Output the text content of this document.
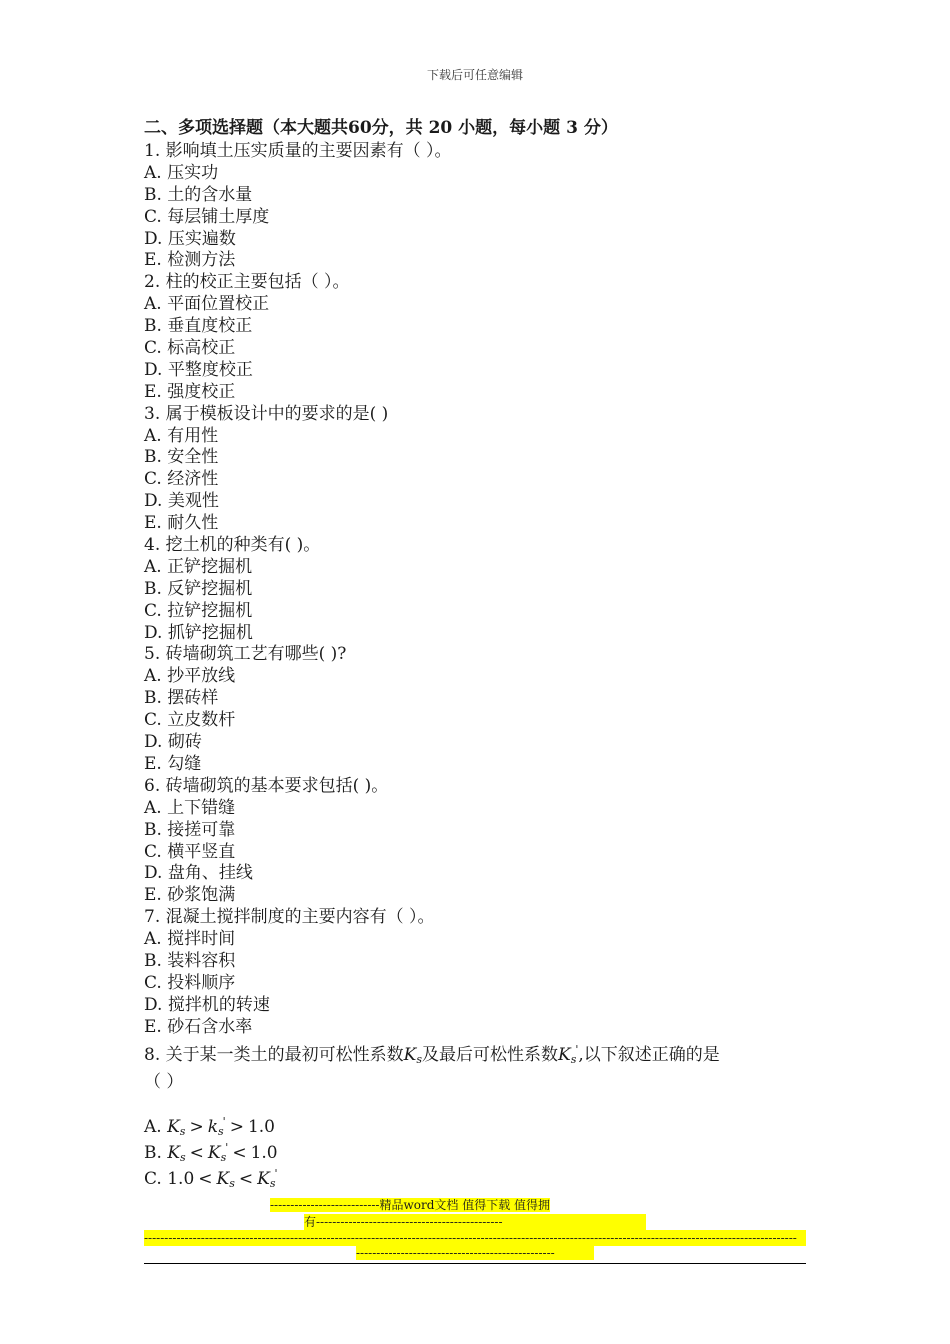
下载后可任意编辑
二、多项选择题（本大题共60分，共 20 小题，每小题 3 分）
1. 影响填土压实质量的主要因素有（ ）。
A. 压实功
B. 土的含水量
C. 每层铺土厚度
D. 压实遍数
E. 检测方法
2. 柱的校正主要包括（ ）。
A. 平面位置校正
B. 垂直度校正
C. 标高校正
D. 平整度校正
E. 强度校正
3. 属于模板设计中的要求的是( )
A. 有用性
B. 安全性
C. 经济性
D. 美观性
E. 耐久性
4. 挖土机的种类有( )。
A. 正铲挖掘机
B. 反铲挖掘机
C. 拉铲挖掘机
D. 抓铲挖掘机
5. 砖墙砌筑工艺有哪些( )?
A. 抄平放线
B. 摆砖样
C. 立皮数杆
D. 砌砖
E. 勾缝
6. 砖墙砌筑的基本要求包括( )。
A. 上下错缝
B. 接搓可靠
C. 横平竖直
D. 盘角、挂线
E. 砂浆饱满
7. 混凝土搅拌制度的主要内容有（ ）。
A. 搅拌时间
B. 装料容积
C. 投料顺序
D. 搅拌机的转速
E. 砂石含水率
8. 关于某一类土的最初可松性系数$K_s$及最后可松性系数$K_s'$,以下叙述正确的是
（ ）
A. $K_s > k_s' > 1.0$
B. $K_s < K_s' < 1.0$
C. $1.0 < K_s < K_s'$
---------------------------精品word文档 值得下载 值得拥
有----------------------------------------------
-----------------------------------------------------------------------------------------------------------------------------------------------------------------
-------------------------------------------------
